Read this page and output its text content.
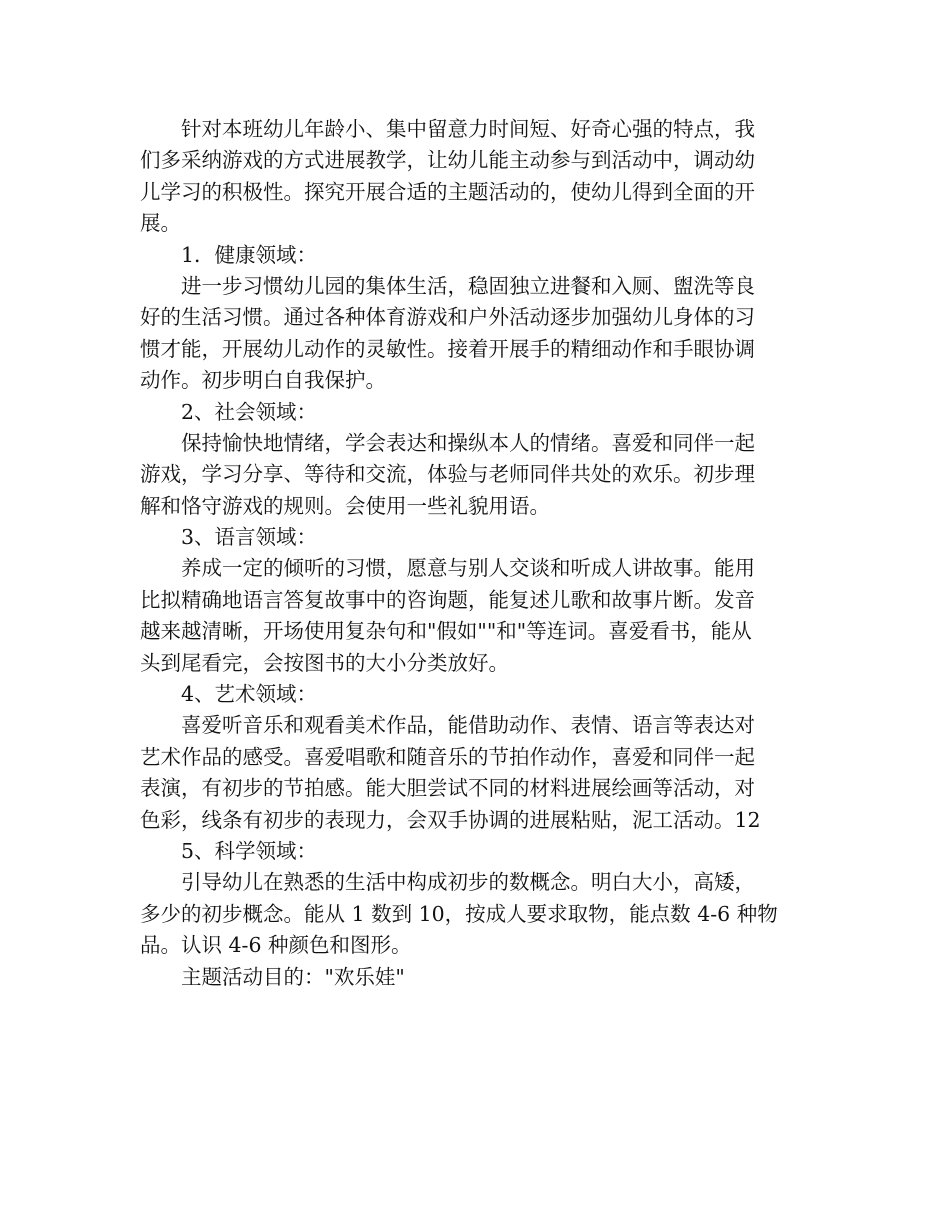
针对本班幼儿年龄小、集中留意力时间短、好奇心强的特点，我
们多采纳游戏的方式进展教学，让幼儿能主动参与到活动中，调动幼
儿学习的积极性。探究开展合适的主题活动的，使幼儿得到全面的开
展。
1．健康领域：
进一步习惯幼儿园的集体生活，稳固独立进餐和入厕、盥洗等良
好的生活习惯。通过各种体育游戏和户外活动逐步加强幼儿身体的习
惯才能，开展幼儿动作的灵敏性。接着开展手的精细动作和手眼协调
动作。初步明白自我保护。
2、社会领域：
保持愉快地情绪，学会表达和操纵本人的情绪。喜爱和同伴一起
游戏，学习分享、等待和交流，体验与老师同伴共处的欢乐。初步理
解和恪守游戏的规则。会使用一些礼貌用语。
3、语言领域：
养成一定的倾听的习惯，愿意与别人交谈和听成人讲故事。能用
比拟精确地语言答复故事中的咨询题，能复述儿歌和故事片断。发音
越来越清晰，开场使用复杂句和"假如""和"等连词。喜爱看书，能从
头到尾看完，会按图书的大小分类放好。
4、艺术领域：
喜爱听音乐和观看美术作品，能借助动作、表情、语言等表达对
艺术作品的感受。喜爱唱歌和随音乐的节拍作动作，喜爱和同伴一起
表演，有初步的节拍感。能大胆尝试不同的材料进展绘画等活动，对
色彩，线条有初步的表现力，会双手协调的进展粘贴，泥工活动。12
5、科学领域：
引导幼儿在熟悉的生活中构成初步的数概念。明白大小，高矮，
多少的初步概念。能从 1 数到 10，按成人要求取物，能点数 4-6 种物
品。认识 4-6 种颜色和图形。
主题活动目的："欢乐娃"
